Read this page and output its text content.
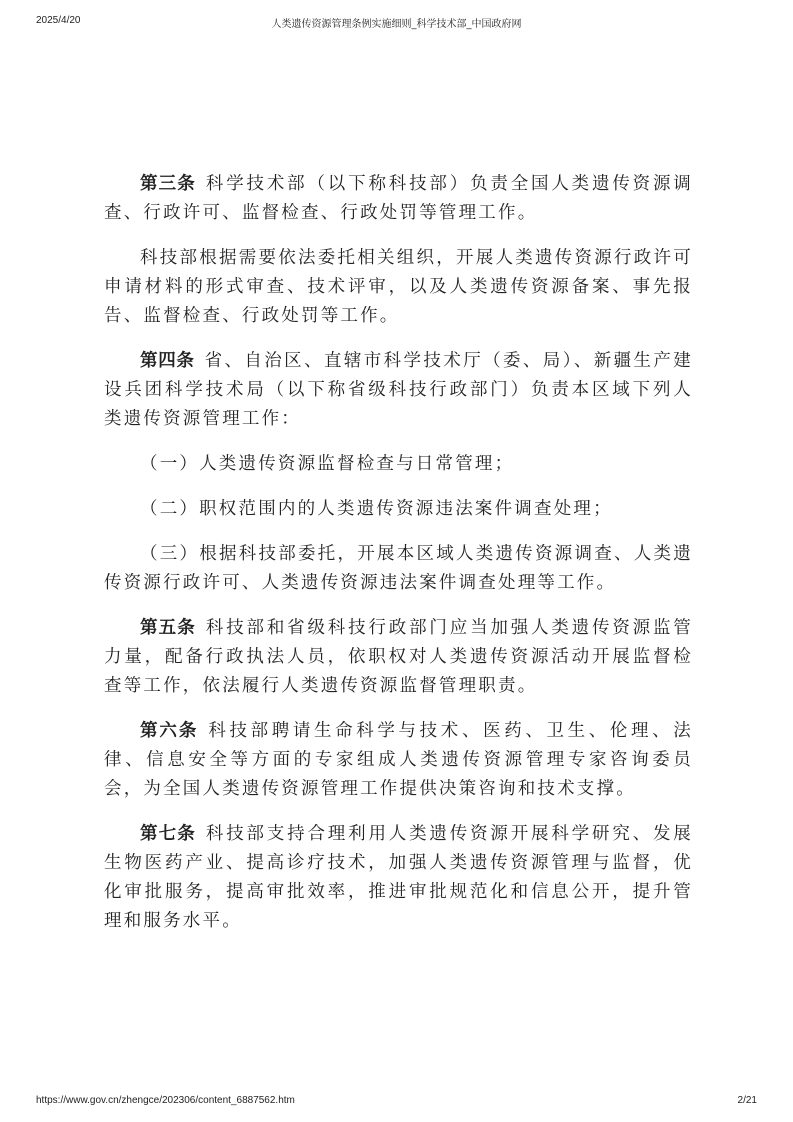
2025/4/20	人类遗传资源管理条例实施细则_科学技术部_中国政府网

第三条 科学技术部（以下称科技部）负责全国人类遗传资源调查、行政许可、监督检查、行政处罚等管理工作。

科技部根据需要依法委托相关组织，开展人类遗传资源行政许可申请材料的形式审查、技术评审，以及人类遗传资源备案、事先报告、监督检查、行政处罚等工作。

第四条 省、自治区、直辖市科学技术厅（委、局）、新疆生产建设兵团科学技术局（以下称省级科技行政部门）负责本区域下列人类遗传资源管理工作：

（一）人类遗传资源监督检查与日常管理；

（二）职权范围内的人类遗传资源违法案件调查处理；

（三）根据科技部委托，开展本区域人类遗传资源调查、人类遗传资源行政许可、人类遗传资源违法案件调查处理等工作。

第五条 科技部和省级科技行政部门应当加强人类遗传资源监管力量，配备行政执法人员，依职权对人类遗传资源活动开展监督检查等工作，依法履行人类遗传资源监督管理职责。

第六条 科技部聘请生命科学与技术、医药、卫生、伦理、法律、信息安全等方面的专家组成人类遗传资源管理专家咨询委员会，为全国人类遗传资源管理工作提供决策咨询和技术支撑。

第七条 科技部支持合理利用人类遗传资源开展科学研究、发展生物医药产业、提高诊疗技术，加强人类遗传资源管理与监督，优化审批服务，提高审批效率，推进审批规范化和信息公开，提升管理和服务水平。

https://www.gov.cn/zhengce/202306/content_6887562.htm	2/21
